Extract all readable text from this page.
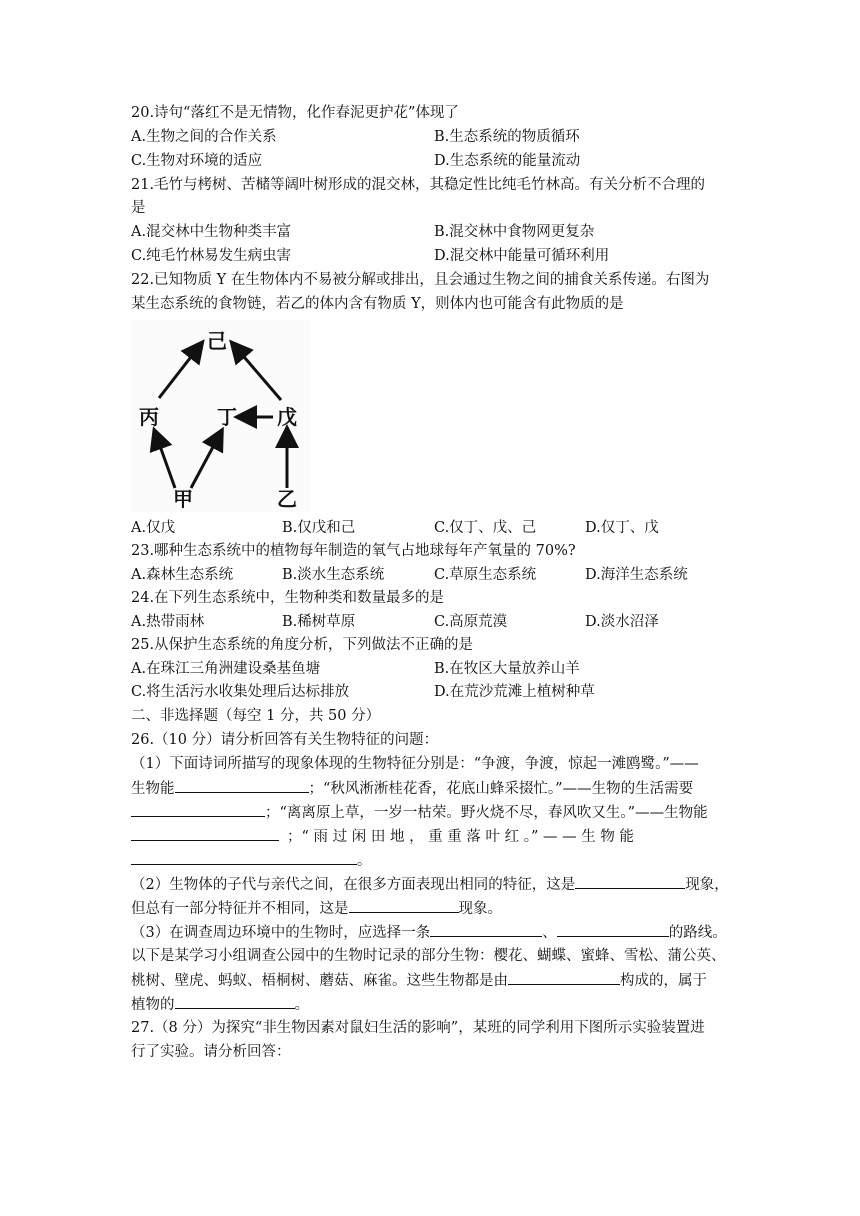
20.诗句“落红不是无情物，化作春泥更护花”体现了
A.生物之间的合作关系	B.生态系统的物质循环
C.生物对环境的适应	D.生态系统的能量流动
21.毛竹与栲树、苦槠等阔叶树形成的混交林，其稳定性比纯毛竹林高。有关分析不合理的
是
A.混交林中生物种类丰富	B.混交林中食物网更复杂
C.纯毛竹林易发生病虫害	D.混交林中能量可循环利用
22.已知物质 Y 在生物体内不易被分解或排出，且会通过生物之间的捕食关系传递。右图为
某生态系统的食物链，若乙的体内含有物质 Y，则体内也可能含有此物质的是
己
丙	丁 戊
甲	乙
A.仅戊	B.仅戊和己	C.仅丁、戊、己	D.仅丁、戊
23.哪种生态系统中的植物每年制造的氧气占地球每年产氧量的 70%?
A.森林生态系统	B.淡水生态系统	C.草原生态系统	D.海洋生态系统
24.在下列生态系统中，生物种类和数量最多的是
A.热带雨林	B.稀树草原	C.高原荒漠	D.淡水沼泽
25.从保护生态系统的角度分析，下列做法不正确的是
A.在珠江三角洲建设桑基鱼塘	B.在牧区大量放养山羊
C.将生活污水收集处理后达标排放	D.在荒沙荒滩上植树种草
二、非选择题（每空 1 分，共 50 分）
26.（10 分）请分析回答有关生物特征的问题：
（1）下面诗词所描写的现象体现的生物特征分别是：“争渡，争渡，惊起一滩鸥鹭。”——
生物能	；“秋风淅淅桂花香，花底山蜂采掇忙。”——生物的生活需要
；“离离原上草，一岁一枯荣。野火烧不尽，春风吹又生。”——生物能
；“ 雨 过 闲 田 地 ， 重 重 落 叶 红 。” — — 生 物 能
。
（2）生物体的子代与亲代之间，在很多方面表现出相同的特征，这是	现象，
但总有一部分特征并不相同，这是	现象。
（3）在调查周边环境中的生物时，应选择一条	、	的路线。
以下是某学习小组调查公园中的生物时记录的部分生物：樱花、蝴蝶、蜜蜂、雪松、蒲公英、
桃树、壁虎、蚂蚁、梧桐树、蘑菇、麻雀。这些生物都是由	构成的，属于
植物的	。
27.（8 分）为探究“非生物因素对鼠妇生活的影响”，某班的同学利用下图所示实验装置进
行了实验。请分析回答：
